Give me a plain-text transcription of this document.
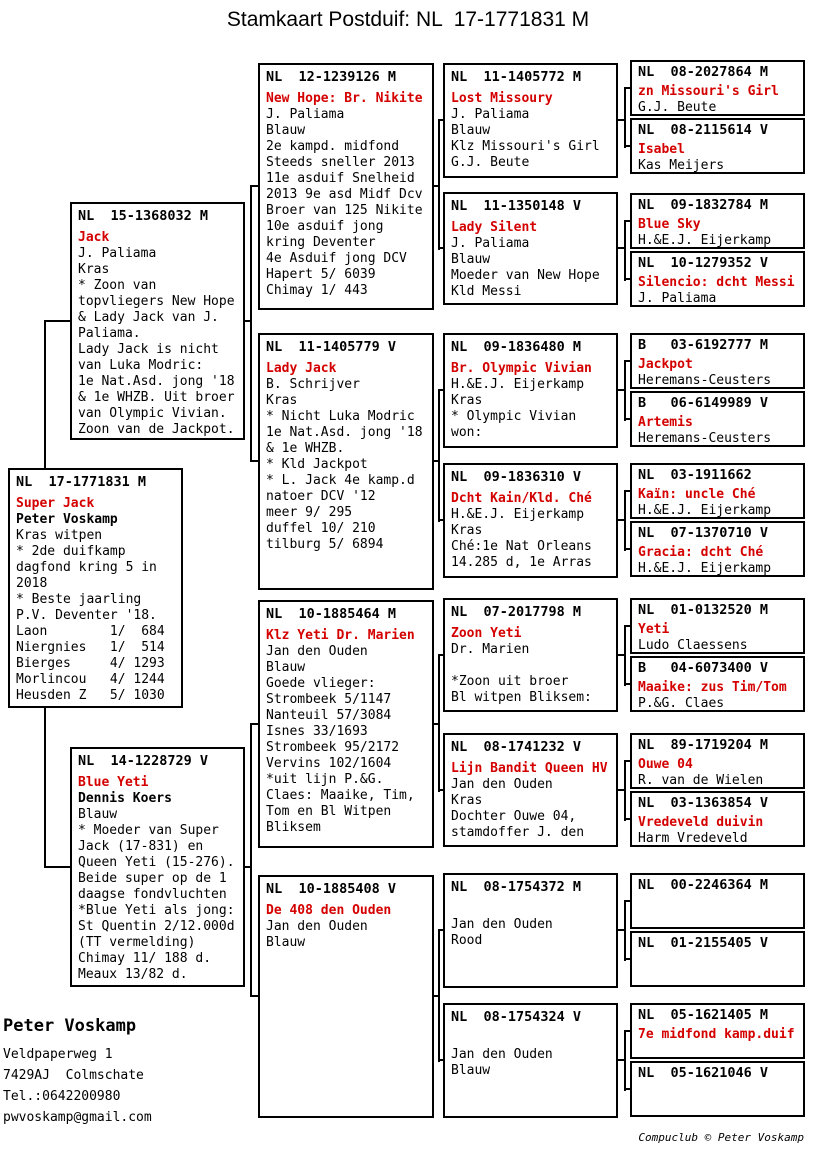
Stamkaart Postduif: NL  17-1771831 M
NL  15-1368032 M
Jack
J. Paliama
Kras
* Zoon van
topvliegers New Hope
& Lady Jack van J.
Paliama.
Lady Jack is nicht
van Luka Modric:
1e Nat.Asd. jong '18
& 1e WHZB. Uit broer
van Olympic Vivian.
Zoon van de Jackpot.
NL  17-1771831 M
Super Jack
Peter Voskamp
Kras witpen
* 2de duifkamp
dagfond kring 5 in
2018
* Beste jaarling
P.V. Deventer '18.
Laon        1/  684
Niergnies   1/  514
Bierges     4/ 1293
Morlincou   4/ 1244
Heusden Z   5/ 1030
NL  14-1228729 V
Blue Yeti
Dennis Koers
Blauw
* Moeder van Super
Jack (17-831) en
Queen Yeti (15-276).
Beide super op de 1
daagse fondvluchten
*Blue Yeti als jong:
St Quentin 2/12.000d
(TT vermelding)
Chimay 11/ 188 d.
Meaux 13/82 d.
NL  12-1239126 M
New Hope: Br. Nikite
J. Paliama
Blauw
2e kampd. midfond
Steeds sneller 2013
11e asduif Snelheid
2013 9e asd Midf Dcv
Broer van 125 Nikite
10e asduif jong
kring Deventer
4e Asduif jong DCV
Hapert 5/ 6039
Chimay 1/ 443
NL  11-1405779 V
Lady Jack
B. Schrijver
Kras
* Nicht Luka Modric
1e Nat.Asd. jong '18
& 1e WHZB.
* Kld Jackpot
* L. Jack 4e kamp.d
natoer DCV '12
meer 9/ 295
duffel 10/ 210
tilburg 5/ 6894
NL  10-1885464 M
Klz Yeti Dr. Marien
Jan den Ouden
Blauw
Goede vlieger:
Strombeek 5/1147
Nanteuil 57/3084
Isnes 33/1693
Strombeek 95/2172
Vervins 102/1604
*uit lijn P.&G.
Claes: Maaike, Tim,
Tom en Bl Witpen
Bliksem
NL  10-1885408 V
De 408 den Ouden
Jan den Ouden
Blauw
NL  11-1405772 M
Lost Missoury
J. Paliama
Blauw
Klz Missouri's Girl
G.J. Beute
NL  11-1350148 V
Lady Silent
J. Paliama
Blauw
Moeder van New Hope
Kld Messi
NL  09-1836480 M
Br. Olympic Vivian
H.&E.J. Eijerkamp
Kras
* Olympic Vivian
won:
NL  09-1836310 V
Dcht Kain/Kld. Ché
H.&E.J. Eijerkamp
Kras
Ché:1e Nat Orleans
14.285 d, 1e Arras
NL  07-2017798 M
Zoon Yeti
Dr. Marien
*Zoon uit broer
Bl witpen Bliksem:
NL  08-1741232 V
Lijn Bandit Queen HV
Jan den Ouden
Kras
Dochter Ouwe 04,
stamdoffer J. den
NL  08-1754372 M
Jan den Ouden
Rood
NL  08-1754324 V
Jan den Ouden
Blauw
NL  08-2027864 M
zn Missouri's Girl
G.J. Beute
NL  08-2115614 V
Isabel
Kas Meijers
NL  09-1832784 M
Blue Sky
H.&E.J. Eijerkamp
NL  10-1279352 V
Silencio: dcht Messi
J. Paliama
B   03-6192777 M
Jackpot
Heremans-Ceusters
B   06-6149989 V
Artemis
Heremans-Ceusters
NL  03-1911662
Kaïn: uncle Ché
H.&E.J. Eijerkamp
NL  07-1370710 V
Gracia: dcht Ché
H.&E.J. Eijerkamp
NL  01-0132520 M
Yeti
Ludo Claessens
B   04-6073400 V
Maaike: zus Tim/Tom
P.&G. Claes
NL  89-1719204 M
Ouwe 04
R. van de Wielen
NL  03-1363854 V
Vredeveld duivin
Harm Vredeveld
NL  00-2246364 M
NL  01-2155405 V
NL  05-1621405 M
7e midfond kamp.duif
NL  05-1621046 V
Peter Voskamp
Veldpaperweg 1
7429AJ  Colmschate
Tel.:0642200980
pwvoskamp@gmail.com
Compuclub © Peter Voskamp
